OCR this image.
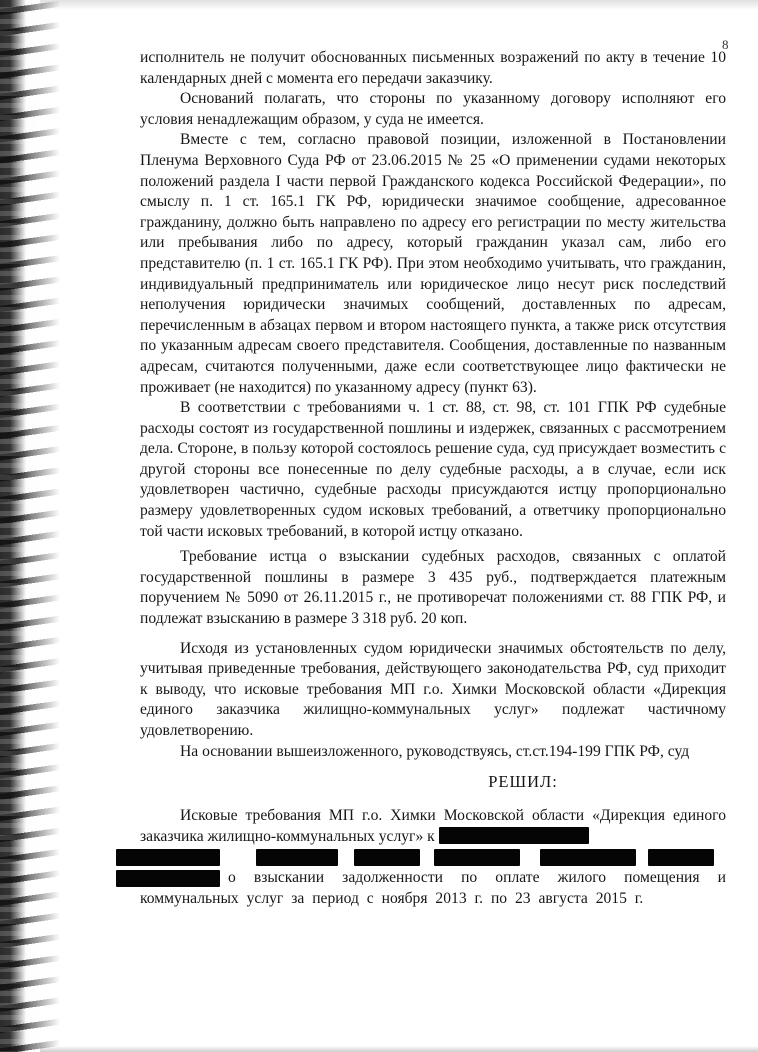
8

исполнитель не получит обоснованных письменных возражений по акту в течение 10 календарных дней с момента его передачи заказчику.

Оснований полагать, что стороны по указанному договору исполняют его условия ненадлежащим образом, у суда не имеется.

Вместе с тем, согласно правовой позиции, изложенной в Постановлении Пленума Верховного Суда РФ от 23.06.2015 № 25 «О применении судами некоторых положений раздела I части первой Гражданского кодекса Российской Федерации», по смыслу п. 1 ст. 165.1 ГК РФ, юридически значимое сообщение, адресованное гражданину, должно быть направлено по адресу его регистрации по месту жительства или пребывания либо по адресу, который гражданин указал сам, либо его представителю (п. 1 ст. 165.1 ГК РФ). При этом необходимо учитывать, что гражданин, индивидуальный предприниматель или юридическое лицо несут риск последствий неполучения юридически значимых сообщений, доставленных по адресам, перечисленным в абзацах первом и втором настоящего пункта, а также риск отсутствия по указанным адресам своего представителя. Сообщения, доставленные по названным адресам, считаются полученными, даже если соответствующее лицо фактически не проживает (не находится) по указанному адресу (пункт 63).

В соответствии с требованиями ч. 1 ст. 88, ст. 98, ст. 101 ГПК РФ судебные расходы состоят из государственной пошлины и издержек, связанных с рассмотрением дела. Стороне, в пользу которой состоялось решение суда, суд присуждает возместить с другой стороны все понесенные по делу судебные расходы, а в случае, если иск удовлетворен частично, судебные расходы присуждаются истцу пропорционально размеру удовлетворенных судом исковых требований, а ответчику пропорционально той части исковых требований, в которой истцу отказано.

Требование истца о взыскании судебных расходов, связанных с оплатой государственной пошлины в размере 3 435 руб., подтверждается платежным поручением № 5090 от 26.11.2015 г., не противоречат положениями ст. 88 ГПК РФ, и подлежат взысканию в размере 3 318 руб. 20 коп.

Исходя из установленных судом юридически значимых обстоятельств по делу, учитывая приведенные требования, действующего законодательства РФ, суд приходит к выводу, что исковые требования МП г.о. Химки Московской области «Дирекция единого заказчика жилищно-коммунальных услуг» подлежат частичному удовлетворению.

На основании вышеизложенного, руководствуясь, ст.ст.194-199 ГПК РФ, суд

РЕШИЛ:

Исковые требования МП г.о. Химки Московской области «Дирекция единого заказчика жилищно-коммунальных услуг» к

о взыскании задолженности по оплате жилого помещения и

коммунальных услуг за период с ноября 2013 г. по 23 августа 2015 г.
